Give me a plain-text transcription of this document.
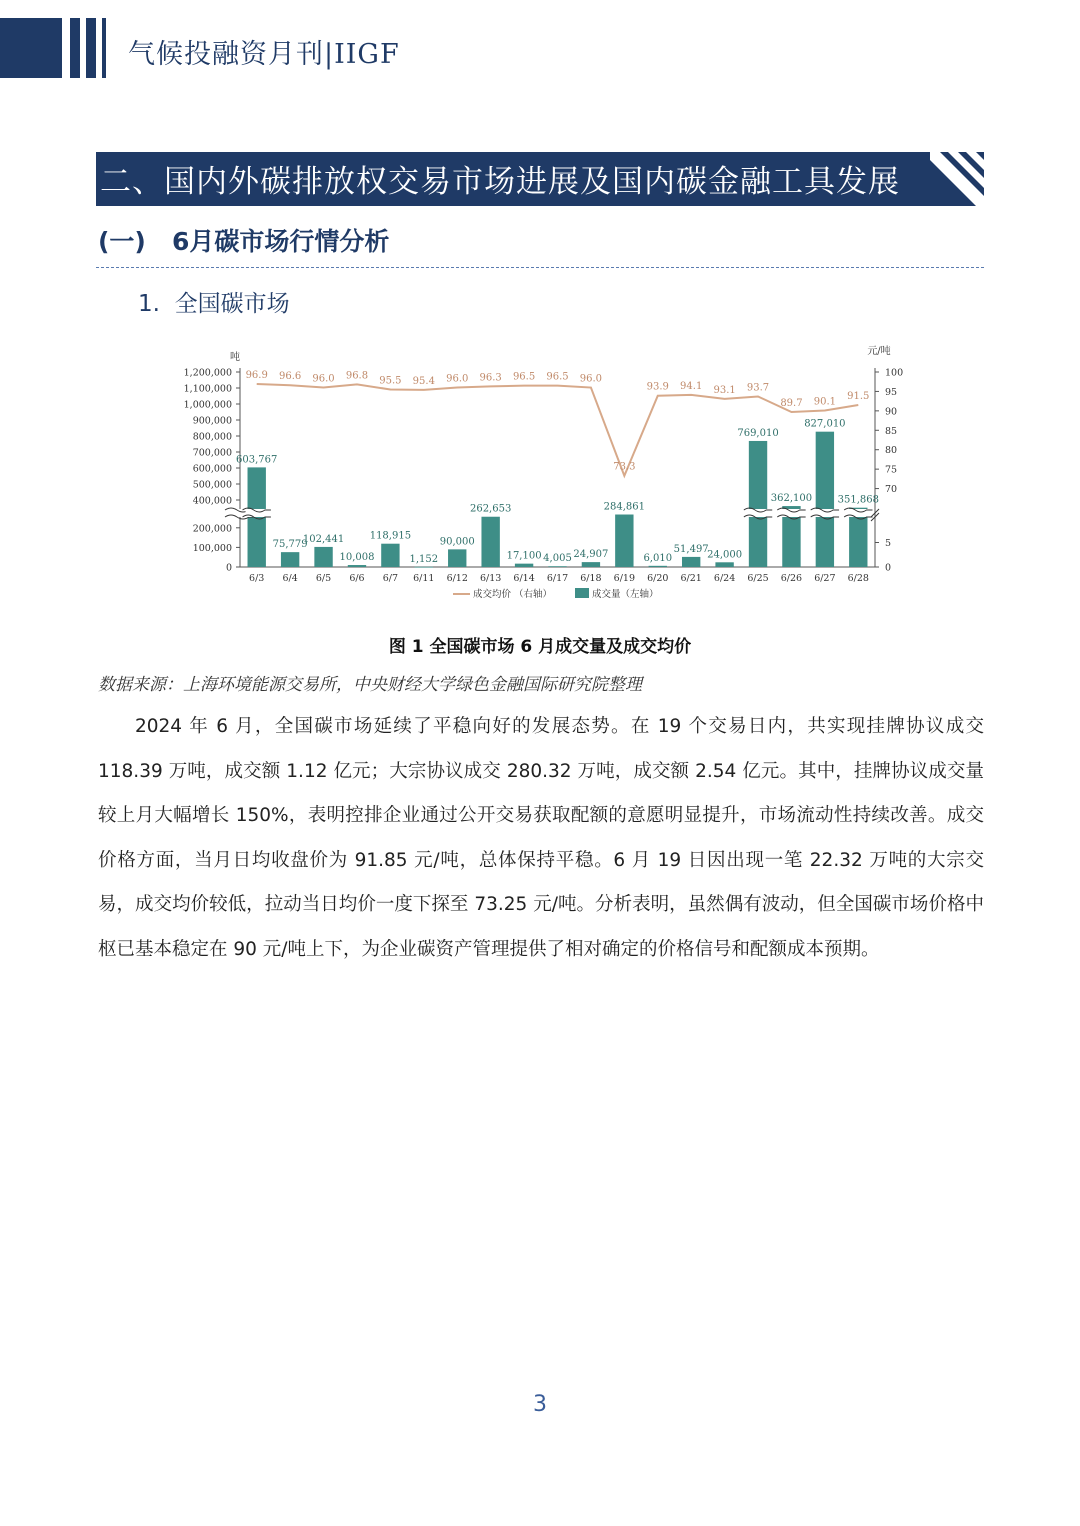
气候投融资月刊|IIGF
二、国内外碳排放权交易市场进展及国内碳金融工具发展
(一)   6月碳市场行情分析
1.  全国碳市场
吨
元/吨
0
100,000
200,000
400,000
500,000
600,000
700,000
800,000
900,000
1,000,000
1,100,000
1,200,000
0
5
70
75
80
85
90
95
100
603,767
75,779
102,441
10,008
118,915
1,152
90,000
262,653
17,100 4,005 24,907
284,861
6,010
51,497
24,000
769,010
362,100
827,010
351,868
96.9 96.6 96.0 96.8 95.5 95.4 96.0 96.3 96.5 96.5 96.0
73.3
93.9 94.1 93.1 93.7
89.7 90.1 91.5
6/3 6/4 6/5 6/6 6/7 6/11 6/12 6/13 6/14 6/17 6/18 6/19 6/20 6/21 6/24 6/25 6/26 6/27 6/28
成交均价 （右轴）	成交量（左轴）
图 1 全国碳市场 6 月成交量及成交均价
数据来源：上海环境能源交易所，中央财经大学绿色金融国际研究院整理
2024 年 6 月，全国碳市场延续了平稳向好的发展态势。在 19 个交易日内，共实现挂牌协议成交 118.39 万吨，成交额 1.12 亿元；大宗协议成交 280.32 万吨，成交额 2.54 亿元。其中，挂牌协议成交量较上月大幅增长 150%，表明控排企业通过公开交易获取配额的意愿明显提升，市场流动性持续改善。成交价格方面，当月日均收盘价为 91.85 元/吨，总体保持平稳。6 月 19 日因出现一笔 22.32 万吨的大宗交易，成交均价较低，拉动当日均价一度下探至 73.25 元/吨。分析表明，虽然偶有波动，但全国碳市场价格中枢已基本稳定在 90 元/吨上下，为企业碳资产管理提供了相对确定的价格信号和配额成本预期。
3
